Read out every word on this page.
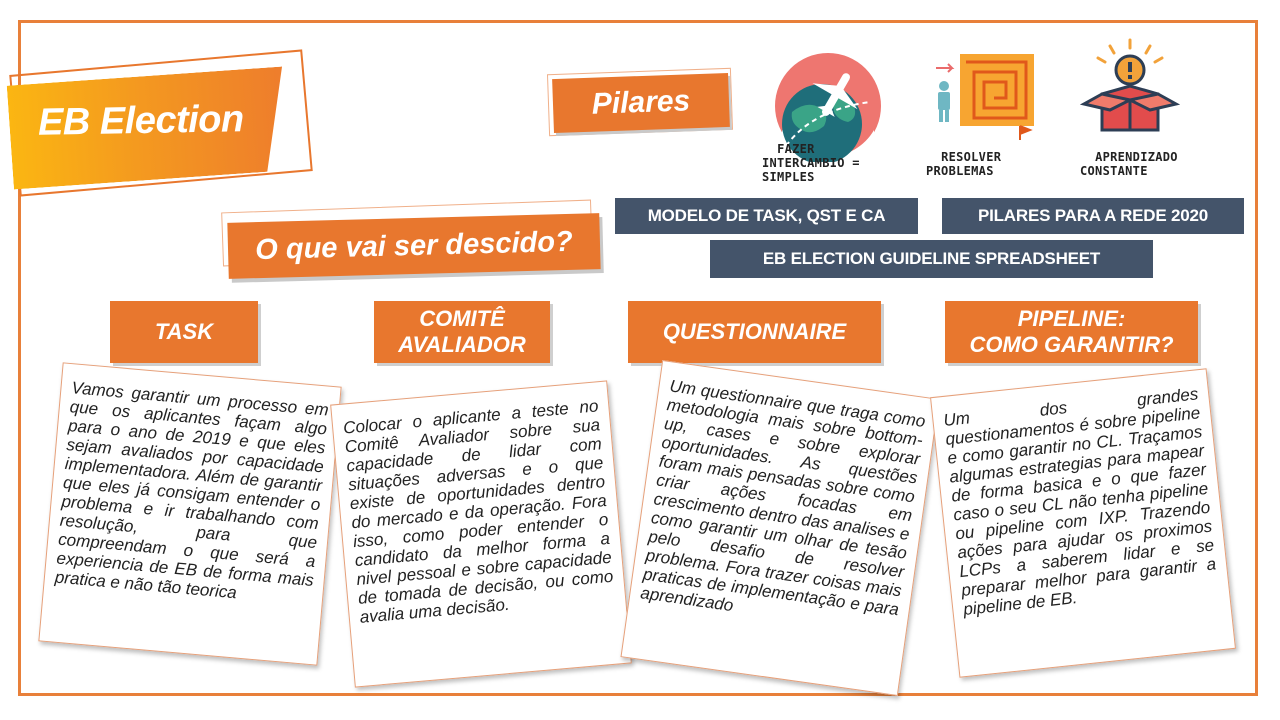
EB Election	Pilares

FAZER
INTERCAMBIO =
SIMPLES

RESOLVER
PROBLEMAS

APRENDIZADO
CONSTANTE

O que vai ser descido?
MODELO DE TASK, QST E CA	PILARES PARA A REDE 2020
EB ELECTION GUIDELINE SPREADSHEET
TASK
COMITÊ
AVALIADOR
QUESTIONNAIRE
PIPELINE:
COMO GARANTIR?

Vamos garantir um processo em que os aplicantes façam algo para o ano de 2019 e que eles sejam avaliados por capacidade implementadora. Além de garantir que eles já consigam entender o problema e ir trabalhando com resolução, para que compreendam o que será a experiencia de EB de forma mais pratica e não tão teorica

Colocar o aplicante a teste no Comitê Avaliador sobre sua capacidade de lidar com situações adversas e o que existe de oportunidades dentro do mercado e da operação. Fora isso, como poder entender o candidato da melhor forma a nivel pessoal e sobre capacidade de tomada de decisão, ou como avalia uma decisão.

Um questionnaire que traga como metodologia mais sobre bottom-up, cases e sobre explorar oportunidades. As questões foram mais pensadas sobre como criar ações focadas em crescimento dentro das analises e como garantir um olhar de tesão pelo desafio de resolver problema. Fora trazer coisas mais praticas de implementação e para aprendizado

Um dos grandes questionamentos é sobre pipeline e como garantir no CL. Traçamos algumas estrategias para mapear de forma basica e o que fazer caso o seu CL não tenha pipeline ou pipeline com IXP. Trazendo ações para ajudar os proximos LCPs a saberem lidar e se preparar melhor para garantir a pipeline de EB.
